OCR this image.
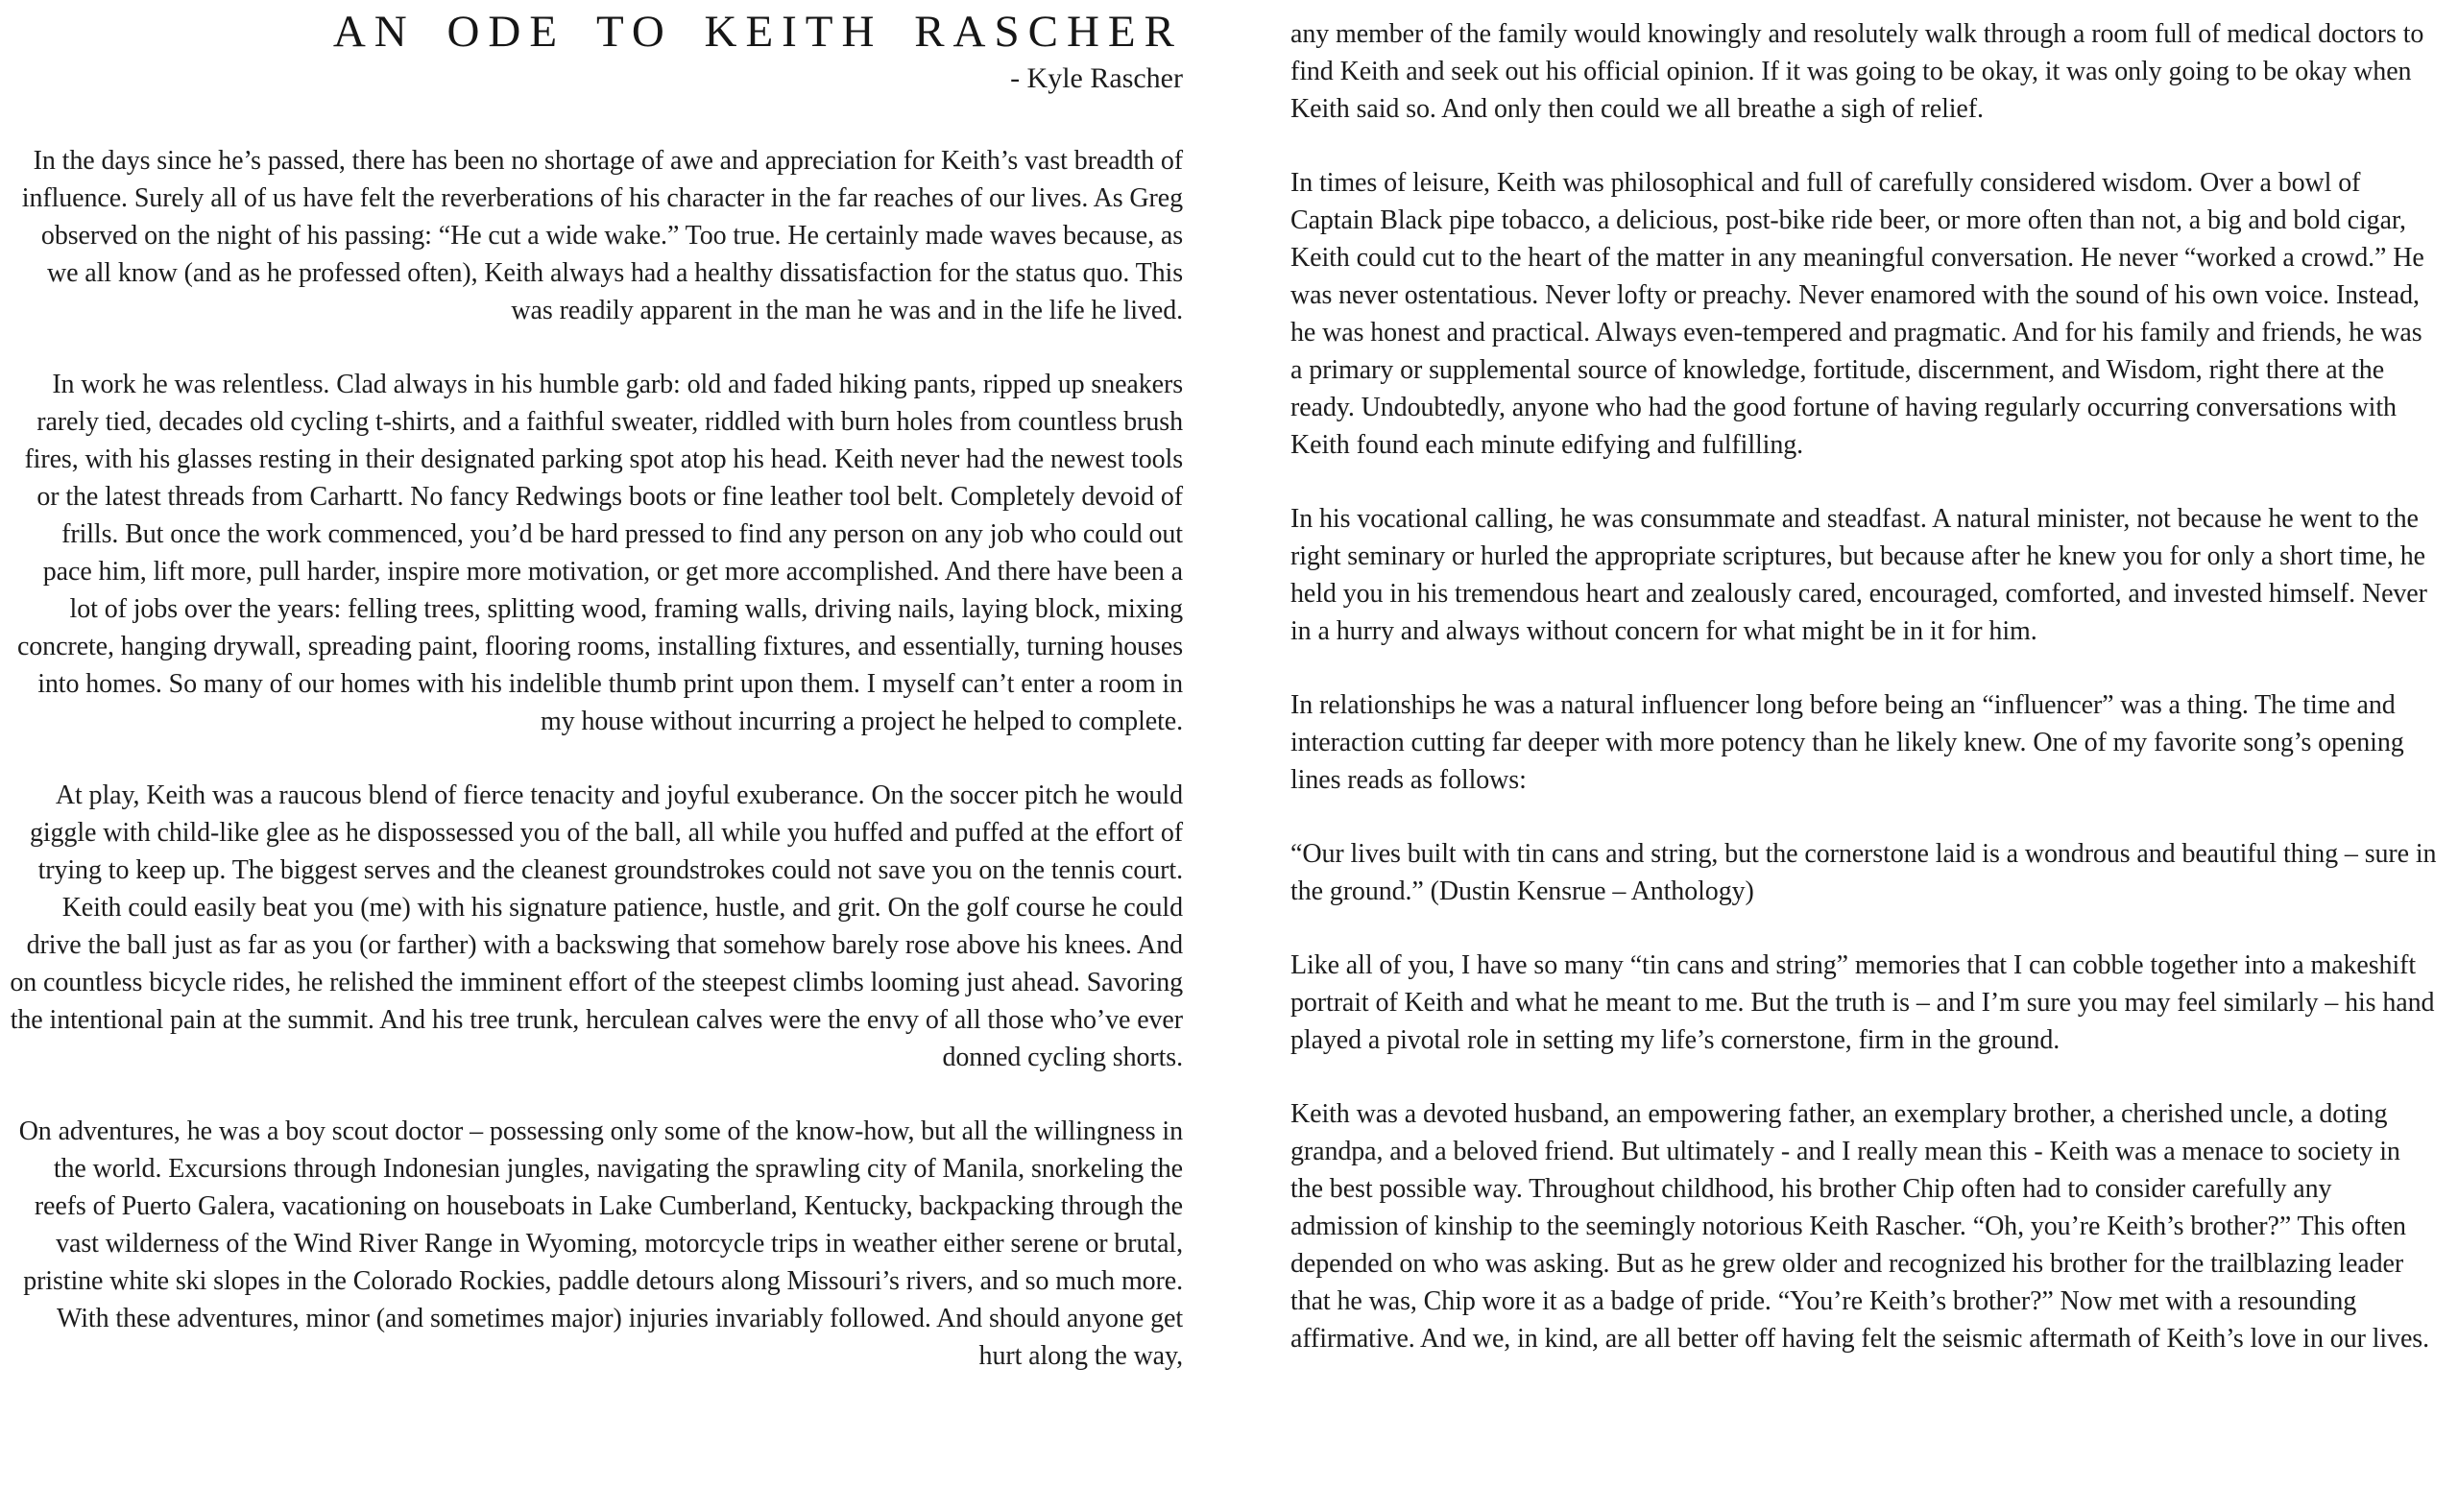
AN ODE TO KEITH RASCHER
- Kyle Rascher

In the days since he’s passed, there has been no shortage of awe and appreciation for Keith’s vast breadth of influence. Surely all of us have felt the reverberations of his character in the far reaches of our lives. As Greg observed on the night of his passing: “He cut a wide wake.” Too true. He certainly made waves because, as we all know (and as he professed often), Keith always had a healthy dissatisfaction for the status quo. This was readily apparent in the man he was and in the life he lived.

In work he was relentless. Clad always in his humble garb: old and faded hiking pants, ripped up sneakers rarely tied, decades old cycling t-shirts, and a faithful sweater, riddled with burn holes from countless brush fires, with his glasses resting in their designated parking spot atop his head. Keith never had the newest tools or the latest threads from Carhartt. No fancy Redwings boots or fine leather tool belt. Completely devoid of frills. But once the work commenced, you’d be hard pressed to find any person on any job who could out pace him, lift more, pull harder, inspire more motivation, or get more accomplished. And there have been a lot of jobs over the years: felling trees, splitting wood, framing walls, driving nails, laying block, mixing concrete, hanging drywall, spreading paint, flooring rooms, installing fixtures, and essentially, turning houses into homes. So many of our homes with his indelible thumb print upon them. I myself can’t enter a room in my house without incurring a project he helped to complete.

At play, Keith was a raucous blend of fierce tenacity and joyful exuberance. On the soccer pitch he would giggle with child-like glee as he dispossessed you of the ball, all while you huffed and puffed at the effort of trying to keep up. The biggest serves and the cleanest groundstrokes could not save you on the tennis court. Keith could easily beat you (me) with his signature patience, hustle, and grit. On the golf course he could drive the ball just as far as you (or farther) with a backswing that somehow barely rose above his knees. And on countless bicycle rides, he relished the imminent effort of the steepest climbs looming just ahead. Savoring the intentional pain at the summit. And his tree trunk, herculean calves were the envy of all those who’ve ever donned cycling shorts.

On adventures, he was a boy scout doctor – possessing only some of the know-how, but all the willingness in the world. Excursions through Indonesian jungles, navigating the sprawling city of Manila, snorkeling the reefs of Puerto Galera, vacationing on houseboats in Lake Cumberland, Kentucky, backpacking through the vast wilderness of the Wind River Range in Wyoming, motorcycle trips in weather either serene or brutal, pristine white ski slopes in the Colorado Rockies, paddle detours along Missouri’s rivers, and so much more. With these adventures, minor (and sometimes major) injuries invariably followed. And should anyone get hurt along the way,

any member of the family would knowingly and resolutely walk through a room full of medical doctors to find Keith and seek out his official opinion. If it was going to be okay, it was only going to be okay when Keith said so. And only then could we all breathe a sigh of relief.

In times of leisure, Keith was philosophical and full of carefully considered wisdom. Over a bowl of Captain Black pipe tobacco, a delicious, post-bike ride beer, or more often than not, a big and bold cigar, Keith could cut to the heart of the matter in any meaningful conversation. He never “worked a crowd.” He was never ostentatious. Never lofty or preachy. Never enamored with the sound of his own voice. Instead, he was honest and practical. Always even-tempered and pragmatic. And for his family and friends, he was a primary or supplemental source of knowledge, fortitude, discernment, and Wisdom, right there at the ready. Undoubtedly, anyone who had the good fortune of having regularly occurring conversations with Keith found each minute edifying and fulfilling.

In his vocational calling, he was consummate and steadfast. A natural minister, not because he went to the right seminary or hurled the appropriate scriptures, but because after he knew you for only a short time, he held you in his tremendous heart and zealously cared, encouraged, comforted, and invested himself. Never in a hurry and always without concern for what might be in it for him.

In relationships he was a natural influencer long before being an “influencer” was a thing. The time and interaction cutting far deeper with more potency than he likely knew. One of my favorite song’s opening lines reads as follows:

“Our lives built with tin cans and string, but the cornerstone laid is a wondrous and beautiful thing – sure in the ground.” (Dustin Kensrue – Anthology)

Like all of you, I have so many “tin cans and string” memories that I can cobble together into a makeshift portrait of Keith and what he meant to me. But the truth is – and I’m sure you may feel similarly – his hand played a pivotal role in setting my life’s cornerstone, firm in the ground.

Keith was a devoted husband, an empowering father, an exemplary brother, a cherished uncle, a doting grandpa, and a beloved friend. But ultimately - and I really mean this - Keith was a menace to society in the best possible way. Throughout childhood, his brother Chip often had to consider carefully any admission of kinship to the seemingly notorious Keith Rascher. “Oh, you’re Keith’s brother?” This often depended on who was asking. But as he grew older and recognized his brother for the trailblazing leader that he was, Chip wore it as a badge of pride. “You’re Keith’s brother?” Now met with a resounding affirmative. And we, in kind, are all better off having felt the seismic aftermath of Keith’s love in our lives.
